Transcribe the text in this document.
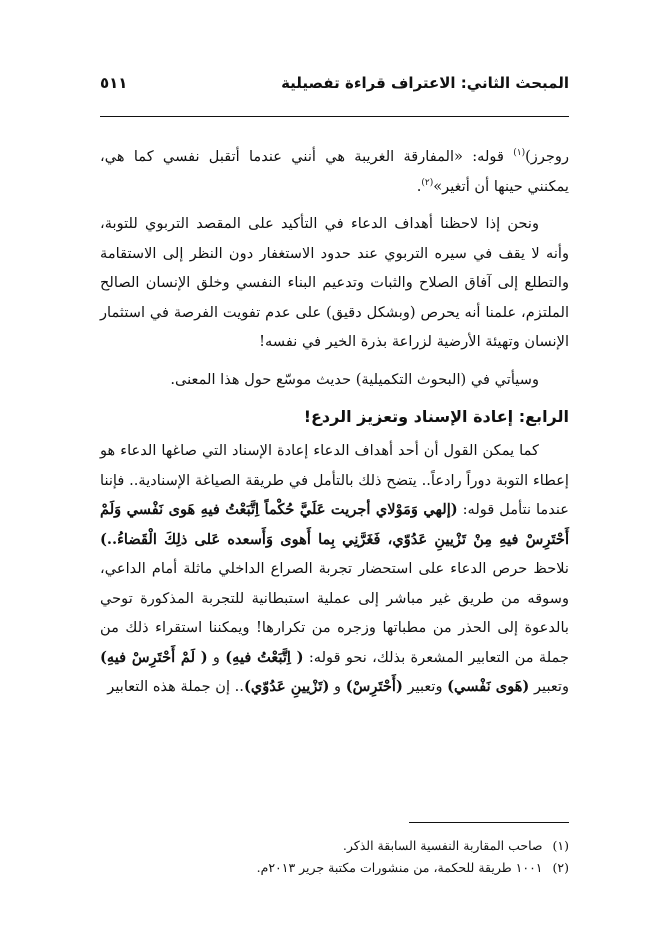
المبحث الثاني: الاعتراف قراءة تفصيلية
٥١١

روجرز)$^{(١)}$ قوله: «المفارقة الغريبة هي أنني عندما أتقبل نفسي كما هي، يمكنني حينها أن أتغير»$^{(٢)}$.

ونحن إذا لاحظنا أهداف الدعاء في التأكيد على المقصد التربوي للتوبة، وأنه لا يقف في سيره التربوي عند حدود الاستغفار دون النظر إلى الاستقامة والتطلع إلى آفاق الصلاح والثبات وتدعيم البناء النفسي وخلق الإنسان الصالح الملتزم، علمنا أنه يحرص (وبشكل دقيق) على عدم تفويت الفرصة في استثمار الإنسان وتهيئة الأرضية لزراعة بذرة الخير في نفسه!

وسيأتي في (البحوث التكميلية) حديث موسّع حول هذا المعنى.

الرابع: إعادة الإسناد وتعزيز الردع!

كما يمكن القول أن أحد أهداف الدعاء إعادة الإسناد التي صاغها الدعاء هو إعطاء التوبة دوراً رادعاً.. يتضح ذلك بالتأمل في طريقة الصياغة الإسنادية.. فإننا عندما نتأمل قوله: (إلهي وَمَوْلاي أجريت عَلَيَّ حُكْماً اِتَّبَعْتُ فيهِ هَوى نَفْسي وَلَمْ أَحْتَرِسْ فيهِ مِنْ تَزْيينِ عَدُوّي، فَغَرَّنِي بِما أَهوى وَأَسعده عَلى ذلِكَ الْقَضاءُ..) نلاحظ حرص الدعاء على استحضار تجربة الصراع الداخلي ماثلة أمام الداعي، وسوقه من طريق غير مباشر إلى عملية استبطانية للتجربة المذكورة توحي بالدعوة إلى الحذر من مطباتها وزجره من تكرارها! ويمكننا استقراء ذلك من جملة من التعابير المشعرة بذلك، نحو قوله: ( اِتَّبَعْتُ فيهِ) و ( لَمْ أَحْتَرِسْ فيهِ) وتعبير (هَوى نَفْسي) وتعبير (أَحْتَرِسْ) و (تَزْيينِ عَدُوّي).. إن جملة هذه التعابير

(١)
صاحب المقاربة النفسية السابقة الذكر.
(٢)
١٠٠١ طريقة للحكمة، من منشورات مكتبة جرير ٢٠١٣م.
